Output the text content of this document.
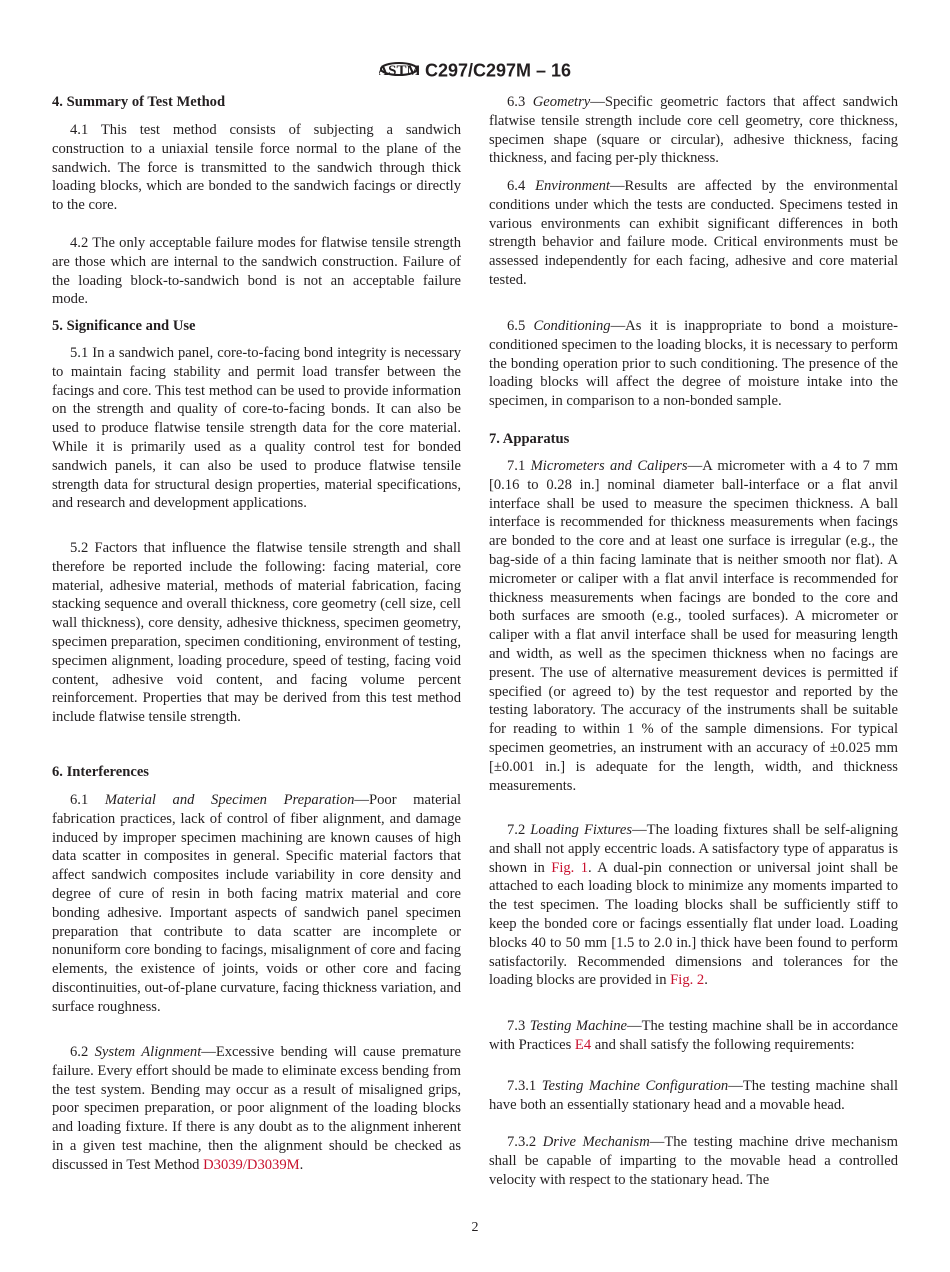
ASTM C297/C297M – 16
4. Summary of Test Method

4.1 This test method consists of subjecting a sandwich construction to a uniaxial tensile force normal to the plane of the sandwich. The force is transmitted to the sandwich through thick loading blocks, which are bonded to the sandwich facings or directly to the core.

4.2 The only acceptable failure modes for flatwise tensile strength are those which are internal to the sandwich construction. Failure of the loading block-to-sandwich bond is not an acceptable failure mode.

5. Significance and Use

5.1 In a sandwich panel, core-to-facing bond integrity is necessary to maintain facing stability and permit load transfer between the facings and core. This test method can be used to provide information on the strength and quality of core-to-facing bonds. It can also be used to produce flatwise tensile strength data for the core material. While it is primarily used as a quality control test for bonded sandwich panels, it can also be used to produce flatwise tensile strength data for structural design properties, material specifications, and research and development applications.

5.2 Factors that influence the flatwise tensile strength and shall therefore be reported include the following: facing material, core material, adhesive material, methods of material fabrication, facing stacking sequence and overall thickness, core geometry (cell size, cell wall thickness), core density, adhesive thickness, specimen geometry, specimen preparation, specimen conditioning, environment of testing, specimen alignment, loading procedure, speed of testing, facing void content, adhesive void content, and facing volume percent reinforcement. Properties that may be derived from this test method include flatwise tensile strength.

6. Interferences

6.1 Material and Specimen Preparation—Poor material fabrication practices, lack of control of fiber alignment, and damage induced by improper specimen machining are known causes of high data scatter in composites in general. Specific material factors that affect sandwich composites include variability in core density and degree of cure of resin in both facing matrix material and core bonding adhesive. Important aspects of sandwich panel specimen preparation that contribute to data scatter are incomplete or nonuniform core bonding to facings, misalignment of core and facing elements, the existence of joints, voids or other core and facing discontinuities, out-of-plane curvature, facing thickness variation, and surface roughness.

6.2 System Alignment—Excessive bending will cause premature failure. Every effort should be made to eliminate excess bending from the test system. Bending may occur as a result of misaligned grips, poor specimen preparation, or poor alignment of the loading blocks and loading fixture. If there is any doubt as to the alignment inherent in a given test machine, then the alignment should be checked as discussed in Test Method D3039/D3039M.

6.3 Geometry—Specific geometric factors that affect sandwich flatwise tensile strength include core cell geometry, core thickness, specimen shape (square or circular), adhesive thickness, facing thickness, and facing per-ply thickness.

6.4 Environment—Results are affected by the environmental conditions under which the tests are conducted. Specimens tested in various environments can exhibit significant differences in both strength behavior and failure mode. Critical environments must be assessed independently for each facing, adhesive and core material tested.

6.5 Conditioning—As it is inappropriate to bond a moisture-conditioned specimen to the loading blocks, it is necessary to perform the bonding operation prior to such conditioning. The presence of the loading blocks will affect the degree of moisture intake into the specimen, in comparison to a non-bonded sample.

7. Apparatus

7.1 Micrometers and Calipers—A micrometer with a 4 to 7 mm [0.16 to 0.28 in.] nominal diameter ball-interface or a flat anvil interface shall be used to measure the specimen thickness. A ball interface is recommended for thickness measurements when facings are bonded to the core and at least one surface is irregular (e.g., the bag-side of a thin facing laminate that is neither smooth nor flat). A micrometer or caliper with a flat anvil interface is recommended for thickness measurements when facings are bonded to the core and both surfaces are smooth (e.g., tooled surfaces). A micrometer or caliper with a flat anvil interface shall be used for measuring length and width, as well as the specimen thickness when no facings are present. The use of alternative measurement devices is permitted if specified (or agreed to) by the test requestor and reported by the testing laboratory. The accuracy of the instruments shall be suitable for reading to within 1 % of the sample dimensions. For typical specimen geometries, an instrument with an accuracy of ±0.025 mm [±0.001 in.] is adequate for the length, width, and thickness measurements.

7.2 Loading Fixtures—The loading fixtures shall be self-aligning and shall not apply eccentric loads. A satisfactory type of apparatus is shown in Fig. 1. A dual-pin connection or universal joint shall be attached to each loading block to minimize any moments imparted to the test specimen. The loading blocks shall be sufficiently stiff to keep the bonded core or facings essentially flat under load. Loading blocks 40 to 50 mm [1.5 to 2.0 in.] thick have been found to perform satisfactorily. Recommended dimensions and tolerances for the loading blocks are provided in Fig. 2.

7.3 Testing Machine—The testing machine shall be in accordance with Practices E4 and shall satisfy the following requirements:

7.3.1 Testing Machine Configuration—The testing machine shall have both an essentially stationary head and a movable head.

7.3.2 Drive Mechanism—The testing machine drive mechanism shall be capable of imparting to the movable head a controlled velocity with respect to the stationary head. The

2
